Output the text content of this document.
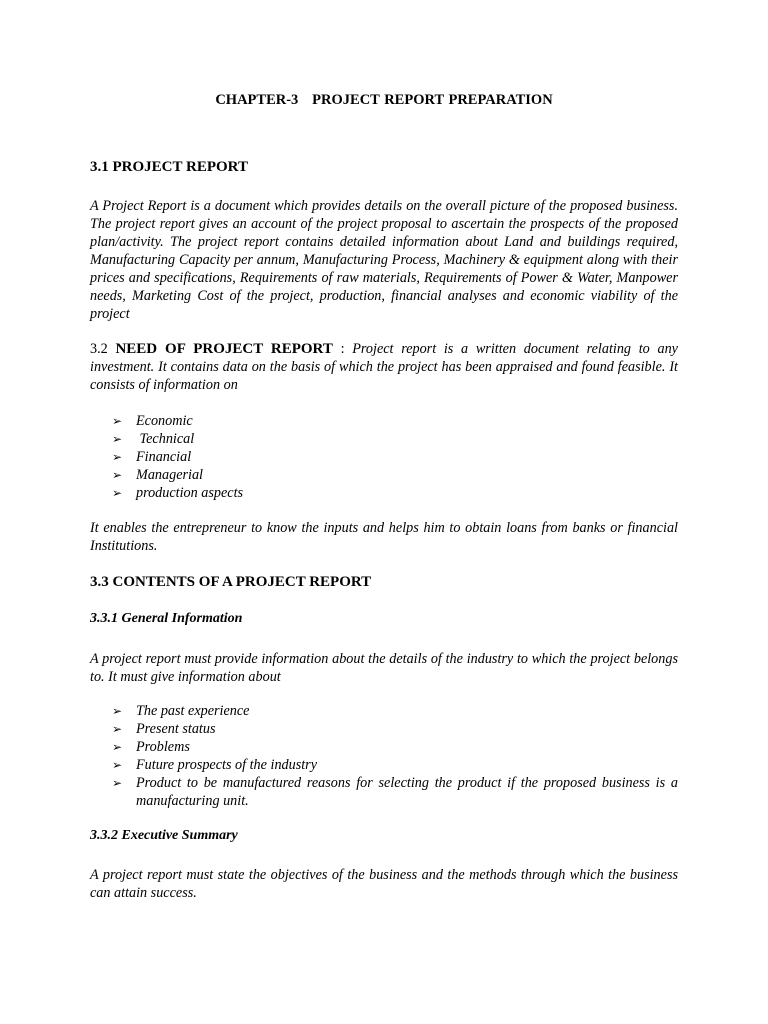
CHAPTER-3   PROJECT REPORT PREPARATION
3.1 PROJECT REPORT
A Project Report is a document which provides details on the overall picture of the proposed business. The project report gives an account of the project proposal to ascertain the prospects of the proposed plan/activity. The project report contains detailed information about Land and buildings required, Manufacturing Capacity per annum, Manufacturing Process, Machinery & equipment along with their prices and specifications, Requirements of raw materials, Requirements of Power & Water, Manpower needs, Marketing Cost of the project, production, financial analyses and economic viability of the project
3.2 NEED OF PROJECT REPORT : Project report is a written document relating to any investment. It contains data on the basis of which the project has been appraised and found feasible. It consists of information on
➢ Economic
➢ Technical
➢ Financial
➢ Managerial
➢ production aspects
It enables the entrepreneur to know the inputs and helps him to obtain loans from banks or financial Institutions.
3.3 CONTENTS OF A PROJECT REPORT
3.3.1 General Information
A project report must provide information about the details of the industry to which the project belongs to. It must give information about
➢ The past experience
➢ Present status
➢ Problems
➢ Future prospects of the industry
➢ Product to be manufactured reasons for selecting the product if the proposed business is a manufacturing unit.
3.3.2 Executive Summary
A project report must state the objectives of the business and the methods through which the business can attain success.
